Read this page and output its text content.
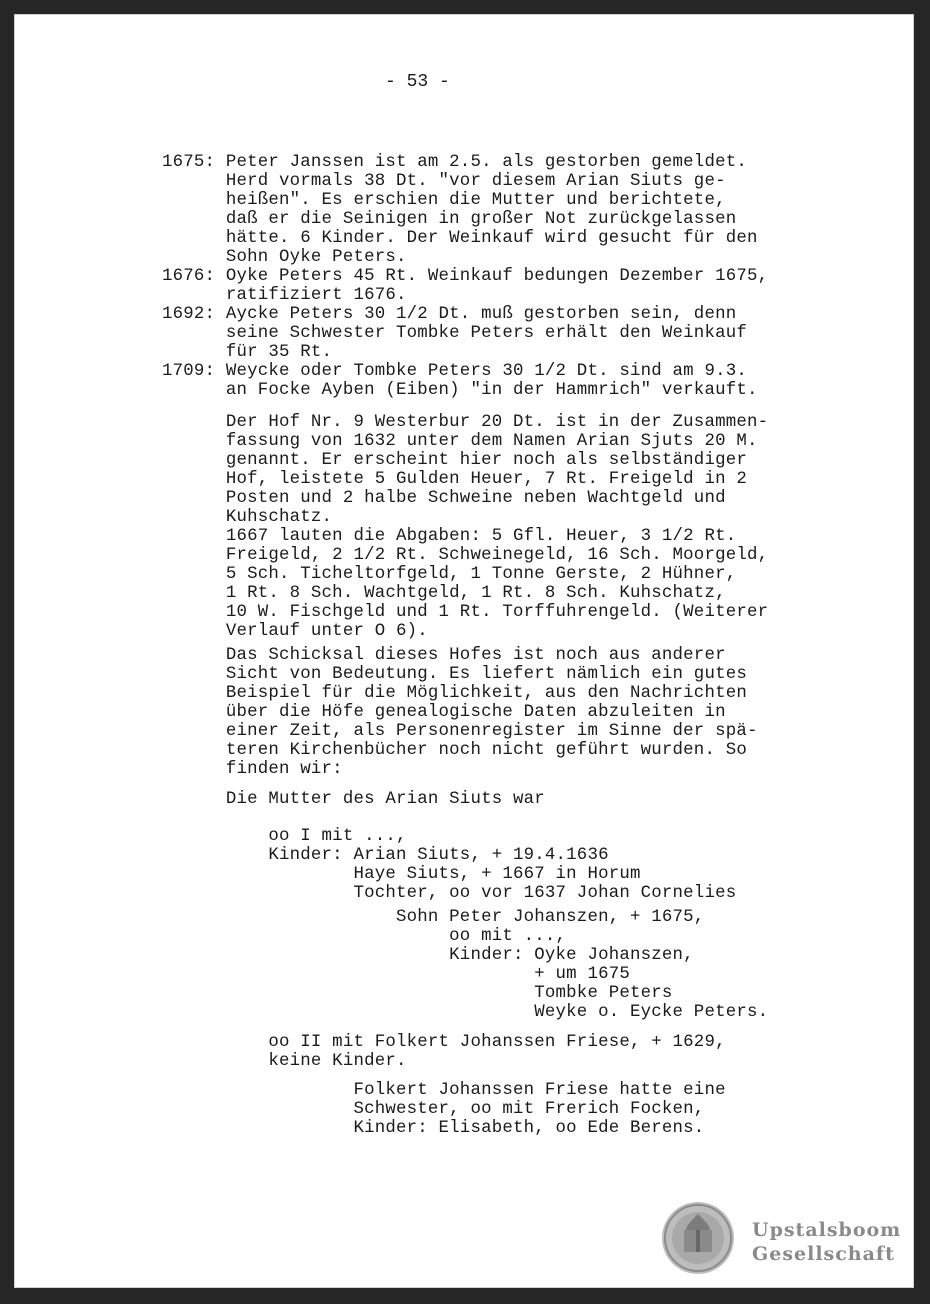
- 53 -
1675: Peter Janssen ist am 2.5. als gestorben gemeldet.
Herd vormals 38 Dt. "vor diesem Arian Siuts ge-
heißen". Es erschien die Mutter und berichtete,
daß er die Seinigen in großer Not zurückgelassen
hätte. 6 Kinder. Der Weinkauf wird gesucht für den
Sohn Oyke Peters.
1676: Oyke Peters 45 Rt. Weinkauf bedungen Dezember 1675,
ratifiziert 1676.
1692: Aycke Peters 30 1/2 Dt. muß gestorben sein, denn
seine Schwester Tombke Peters erhält den Weinkauf
für 35 Rt.
1709: Weycke oder Tombke Peters 30 1/2 Dt. sind am 9.3.
an Focke Ayben (Eiben) "in der Hammrich" verkauft.
Der Hof Nr. 9 Westerbur 20 Dt. ist in der Zusammen-
fassung von 1632 unter dem Namen Arian Sjuts 20 M.
genannt. Er erscheint hier noch als selbständiger
Hof, leistete 5 Gulden Heuer, 7 Rt. Freigeld in 2
Posten und 2 halbe Schweine neben Wachtgeld und
Kuhschatz.
1667 lauten die Abgaben: 5 Gfl. Heuer, 3 1/2 Rt.
Freigeld, 2 1/2 Rt. Schweinegeld, 16 Sch. Moorgeld,
5 Sch. Ticheltorfgeld, 1 Tonne Gerste, 2 Hühner,
1 Rt. 8 Sch. Wachtgeld, 1 Rt. 8 Sch. Kuhschatz,
10 W. Fischgeld und 1 Rt. Torffuhrengeld. (Weiterer
Verlauf unter O 6).
Das Schicksal dieses Hofes ist noch aus anderer
Sicht von Bedeutung. Es liefert nämlich ein gutes
Beispiel für die Möglichkeit, aus den Nachrichten
über die Höfe genealogische Daten abzuleiten in
einer Zeit, als Personenregister im Sinne der spä-
teren Kirchenbücher noch nicht geführt wurden. So
finden wir:
Die Mutter des Arian Siuts war
oo I mit ...,
Kinder: Arian Siuts, + 19.4.1636
Haye Siuts, + 1667 in Horum
Tochter, oo vor 1637 Johan Cornelies
Sohn Peter Johanszen, + 1675,
oo mit ...,
Kinder: Oyke Johanszen,
+ um 1675
Tombke Peters
Weyke o. Eycke Peters.
oo II mit Folkert Johanssen Friese, + 1629,
keine Kinder.
Folkert Johanssen Friese hatte eine
Schwester, oo mit Frerich Focken,
Kinder: Elisabeth, oo Ede Berens.
Upstalsboom
Gesellschaft
